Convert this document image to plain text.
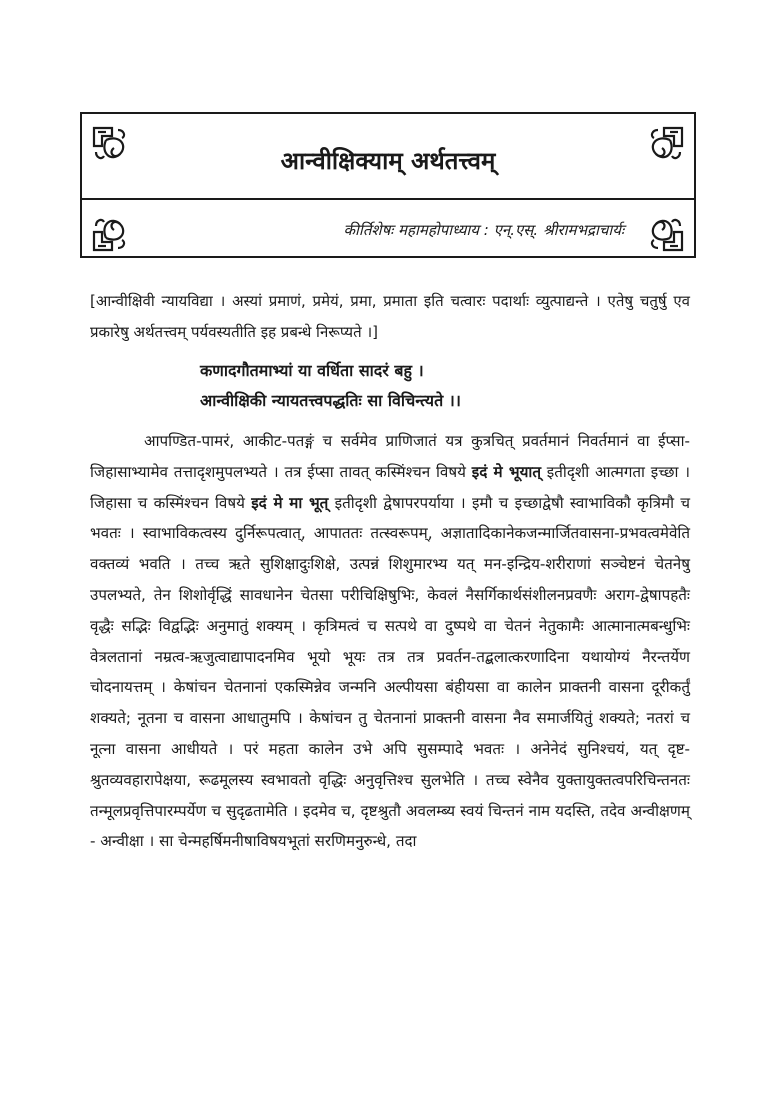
आन्वीक्षिक्याम् अर्थतत्त्वम्
कीर्तिशेषः महामहोपाध्याय : एन्.एस्. श्रीरामभद्राचार्यः

[आन्वीक्षिवी न्यायविद्या । अस्यां प्रमाणं, प्रमेयं, प्रमा, प्रमाता इति चत्वारः पदार्थाः व्युत्पाद्यन्ते । एतेषु चतुर्षु एव प्रकारेषु अर्थतत्त्वम् पर्यवस्यतीति इह प्रबन्धे निरूप्यते ।]

कणादगौतमाभ्यां या वर्धिता सादरं बहु ।
आन्वीक्षिकी न्यायतत्त्वपद्धतिः सा विचिन्त्यते ।।

आपण्डित-पामरं, आकीट-पतङ्गं च सर्वमेव प्राणिजातं यत्र कुत्रचित् प्रवर्तमानं निवर्तमानं वा ईप्सा-जिहासाभ्यामेव तत्तादृशमुपलभ्यते । तत्र ईप्सा तावत् कस्मिंश्चन विषये इदं मे भूयात् इतीदृशी आत्मगता इच्छा । जिहासा च कस्मिंश्चन विषये इदं मे मा भूत् इतीदृशी द्वेषापरपर्याया । इमौ च इच्छाद्वेषौ स्वाभाविकौ कृत्रिमौ च भवतः । स्वाभाविकत्वस्य दुर्निरूपत्वात्, आपाततः तत्स्वरूपम्, अज्ञातादिकानेकजन्मार्जितवासना-प्रभवत्वमेवेति वक्तव्यं भवति । तच्च ऋते सुशिक्षादुःशिक्षे, उत्पन्नं शिशुमारभ्य यत् मन-इन्द्रिय-शरीराणां सञ्चेष्टनं चेतनेषु उपलभ्यते, तेन शिशोर्वृद्धिं सावधानेन चेतसा परीचिक्षिषुभिः, केवलं नैसर्गिकार्थसंशीलनप्रवणैः अराग-द्वेषापहतैः वृद्धैः सद्भिः विद्वद्भिः अनुमातुं शक्यम् । कृत्रिमत्वं च सत्पथे वा दुष्पथे वा चेतनं नेतुकामैः आत्मानात्मबन्धुभिः वेत्रलतानां नम्रत्व-ऋजुत्वाद्यापादनमिव भूयो भूयः तत्र तत्र प्रवर्तन-तद्बलात्करणादिना यथायोग्यं नैरन्तर्येण चोदनायत्तम् । केषांचन चेतनानां एकस्मिन्नेव जन्मनि अल्पीयसा बंहीयसा वा कालेन प्राक्तनी वासना दूरीकर्तुं शक्यते; नूतना च वासना आधातुमपि । केषांचन तु चेतनानां प्राक्तनी वासना नैव समार्जयितुं शक्यते; नतरां च नूत्ना वासना आधीयते । परं महता कालेन उभे अपि सुसम्पादे भवतः । अनेनेदं सुनिश्चयं, यत् दृष्ट-श्रुतव्यवहारापेक्षया, रूढमूलस्य स्वभावतो वृद्धिः अनुवृत्तिश्च सुलभेति । तच्च स्वेनैव युक्तायुक्तत्वपरिचिन्तनतः तन्मूलप्रवृत्तिपारम्पर्येण च सुदृढतामेति । इदमेव च, दृष्टश्रुतौ अवलम्ब्य स्वयं चिन्तनं नाम यदस्ति, तदेव अन्वीक्षणम् - अन्वीक्षा । सा चेन्महर्षिमनीषाविषयभूतां सरणिमनुरुन्धे, तदा
